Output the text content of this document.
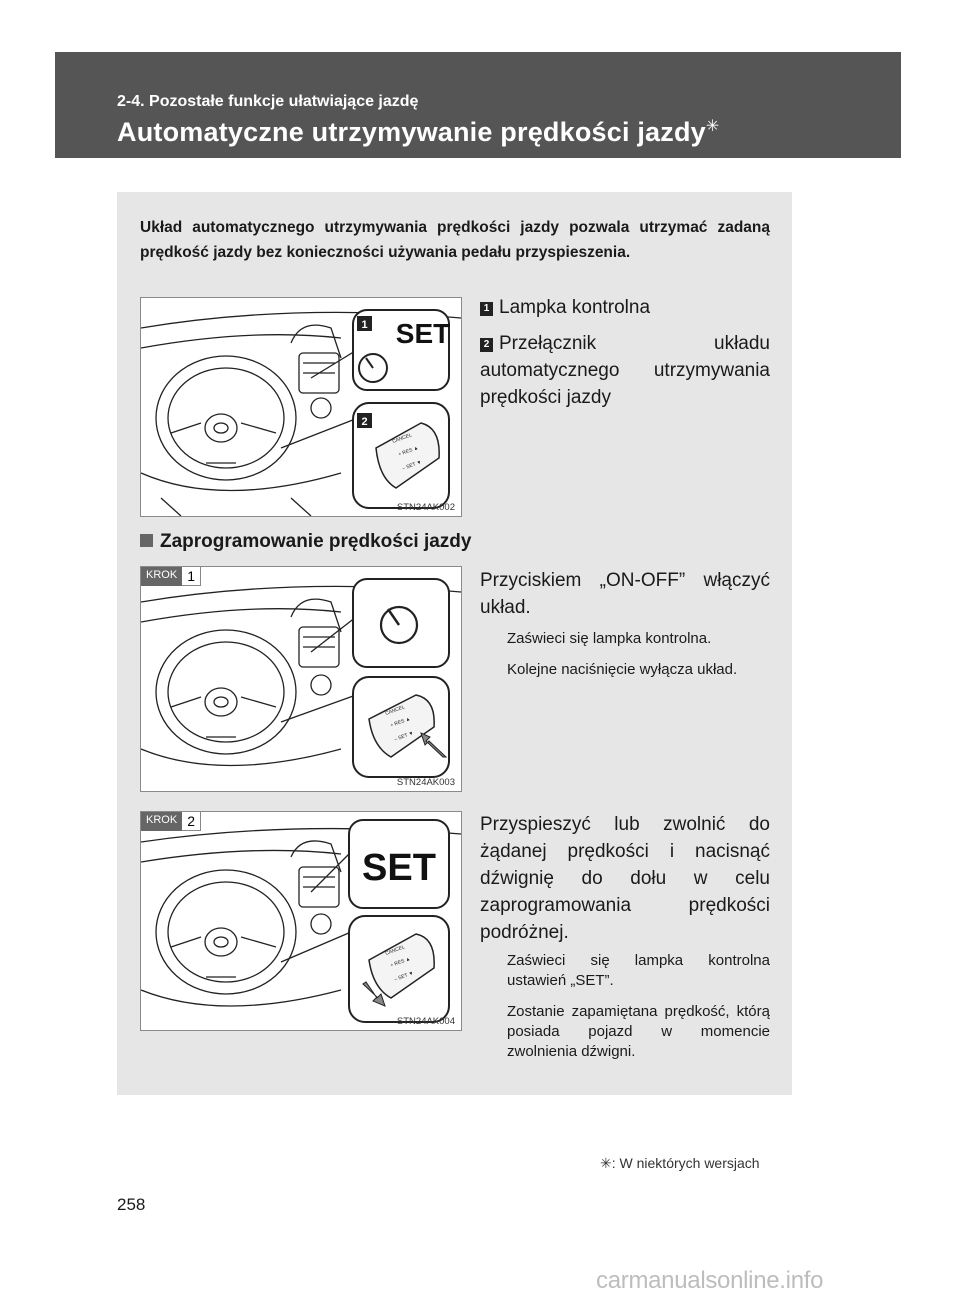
2-4. Pozostałe funkcje ułatwiające jazdę
Automatyczne utrzymywanie prędkości jazdy✳
Układ automatycznego utrzymywania prędkości jazdy pozwala utrzymać zadaną prędkość jazdy bez konieczności używania pedału przyspieszenia.
1 SET
2
CANCEL
+ RES ▲
– SET ▼
STN24AK002
1 Lampka kontrolna
2 Przełącznik układu automatycznego utrzymywania prędkości jazdy
Zaprogramowanie prędkości jazdy
CANCEL
+ RES ▲
– SET ▼
KROK 1
STN24AK003
Przyciskiem „ON-OFF” włączyć układ.
Zaświeci się lampka kontrolna.
Kolejne naciśnięcie wyłącza układ.
SET
CANCEL
+ RES ▲
– SET ▼
KROK 2
STN24AK004
Przyspieszyć lub zwolnić do żądanej prędkości i nacisnąć dźwignię do dołu w celu zaprogramowania prędkości podróżnej.
Zaświeci się lampka kontrolna ustawień „SET”.
Zostanie zapamiętana prędkość, którą posiada pojazd w momencie zwolnienia dźwigni.
✳: W niektórych wersjach
258
carmanualsonline.info
